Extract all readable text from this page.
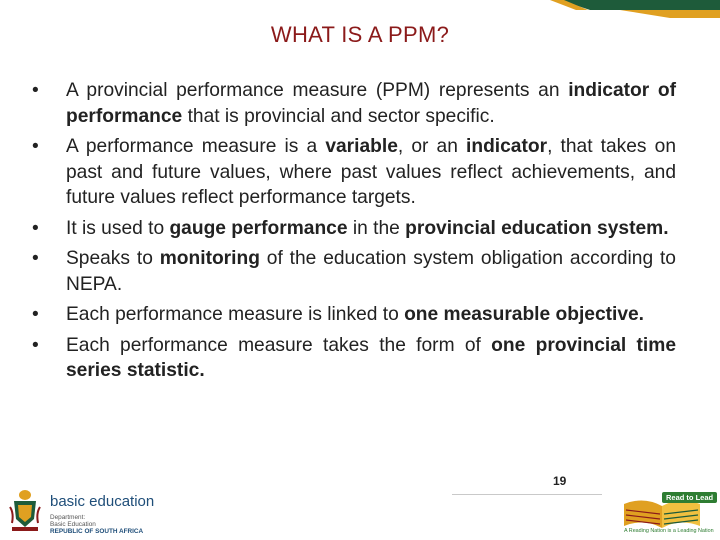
WHAT IS A PPM?
• A provincial performance measure (PPM) represents an indicator of performance that is provincial and sector specific.
• A performance measure is a variable, or an indicator, that takes on past and future values, where past values reflect achievements, and future values reflect performance targets.
• It is used to gauge performance in the provincial education system.
• Speaks to monitoring of the education system obligation according to NEPA.
• Each performance measure is linked to one measurable objective.
• Each performance measure takes the form of one provincial time series statistic.
19
basic education
Department:
Basic Education
REPUBLIC OF SOUTH AFRICA
Read to Lead
A Reading Nation is a Leading Nation
